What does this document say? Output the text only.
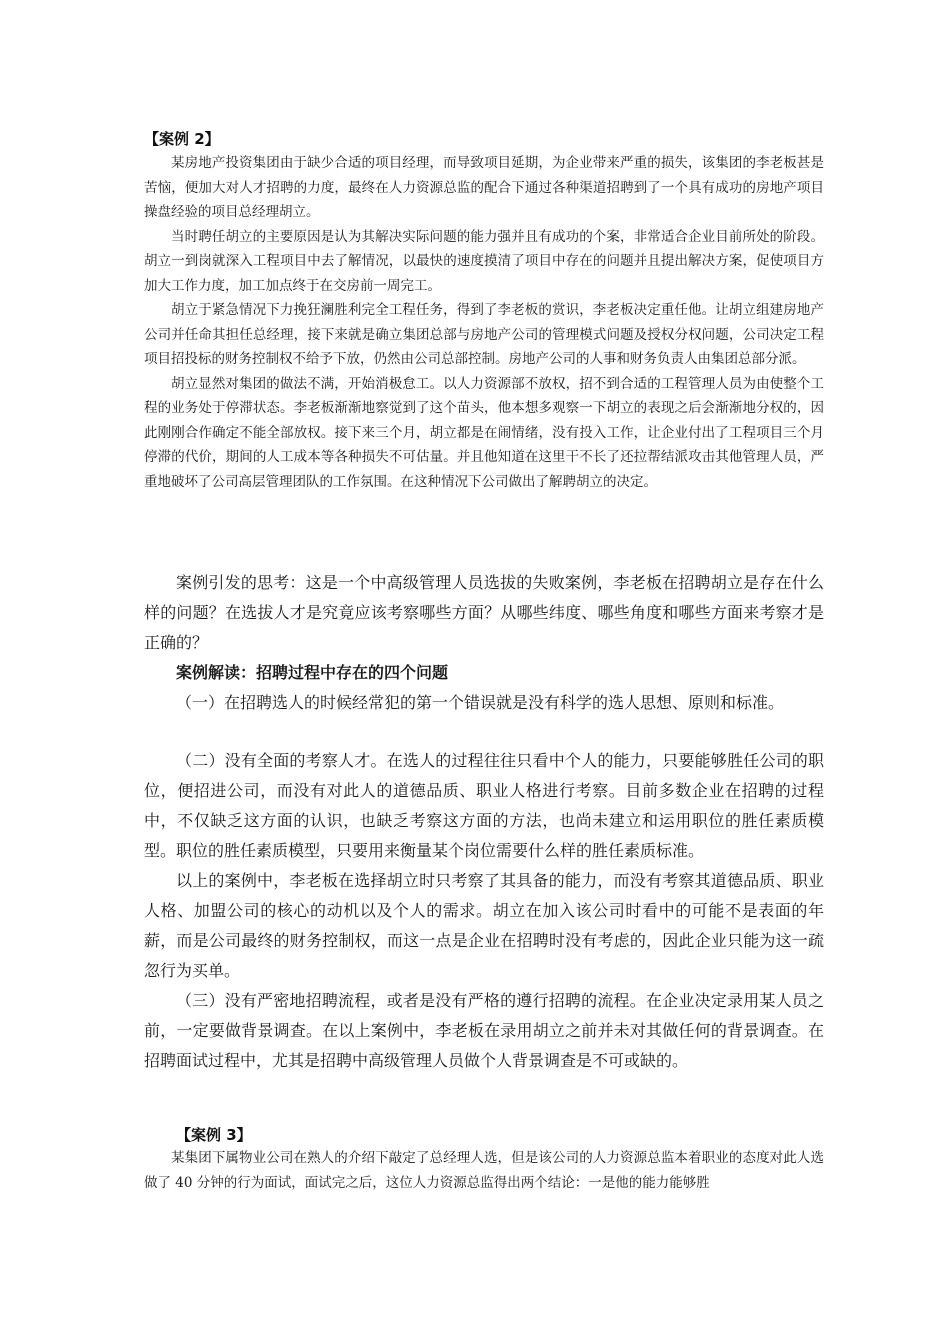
【案例 2】

某房地产投资集团由于缺少合适的项目经理，而导致项目延期，为企业带来严重的损失，该集团的李老板甚是苦恼，便加大对人才招聘的力度，最终在人力资源总监的配合下通过各种渠道招聘到了一个具有成功的房地产项目操盘经验的项目总经理胡立。

当时聘任胡立的主要原因是认为其解决实际问题的能力强并且有成功的个案，非常适合企业目前所处的阶段。胡立一到岗就深入工程项目中去了解情况，以最快的速度摸清了项目中存在的问题并且提出解决方案，促使项目方加大工作力度，加工加点终于在交房前一周完工。

胡立于紧急情况下力挽狂澜胜利完全工程任务，得到了李老板的赏识，李老板决定重任他。让胡立组建房地产公司并任命其担任总经理，接下来就是确立集团总部与房地产公司的管理模式问题及授权分权问题，公司决定工程项目招投标的财务控制权不给予下放，仍然由公司总部控制。房地产公司的人事和财务负责人由集团总部分派。

胡立显然对集团的做法不满，开始消极怠工。以人力资源部不放权，招不到合适的工程管理人员为由使整个工程的业务处于停滞状态。李老板渐渐地察觉到了这个苗头，他本想多观察一下胡立的表现之后会渐渐地分权的，因此刚刚合作确定不能全部放权。接下来三个月，胡立都是在闹情绪，没有投入工作，让企业付出了工程项目三个月停滞的代价，期间的人工成本等各种损失不可估量。并且他知道在这里干不长了还拉帮结派攻击其他管理人员，严重地破坏了公司高层管理团队的工作氛围。在这种情况下公司做出了解聘胡立的决定。

案例引发的思考：这是一个中高级管理人员选拔的失败案例，李老板在招聘胡立是存在什么样的问题？在选拔人才是究竟应该考察哪些方面？从哪些纬度、哪些角度和哪些方面来考察才是正确的？

案例解读：招聘过程中存在的四个问题

（一）在招聘选人的时候经常犯的第一个错误就是没有科学的选人思想、原则和标准。

（二）没有全面的考察人才。在选人的过程往往只看中个人的能力，只要能够胜任公司的职位，便招进公司，而没有对此人的道德品质、职业人格进行考察。目前多数企业在招聘的过程中，不仅缺乏这方面的认识，也缺乏考察这方面的方法，也尚未建立和运用职位的胜任素质模型。职位的胜任素质模型，只要用来衡量某个岗位需要什么样的胜任素质标准。

以上的案例中，李老板在选择胡立时只考察了其具备的能力，而没有考察其道德品质、职业人格、加盟公司的核心的动机以及个人的需求。胡立在加入该公司时看中的可能不是表面的年薪，而是公司最终的财务控制权，而这一点是企业在招聘时没有考虑的，因此企业只能为这一疏忽行为买单。

（三）没有严密地招聘流程，或者是没有严格的遵行招聘的流程。在企业决定录用某人员之前，一定要做背景调查。在以上案例中，李老板在录用胡立之前并未对其做任何的背景调查。在招聘面试过程中，尤其是招聘中高级管理人员做个人背景调查是不可或缺的。

【案例 3】

某集团下属物业公司在熟人的介绍下敲定了总经理人选，但是该公司的人力资源总监本着职业的态度对此人选做了 40 分钟的行为面试，面试完之后，这位人力资源总监得出两个结论：一是他的能力能够胜
